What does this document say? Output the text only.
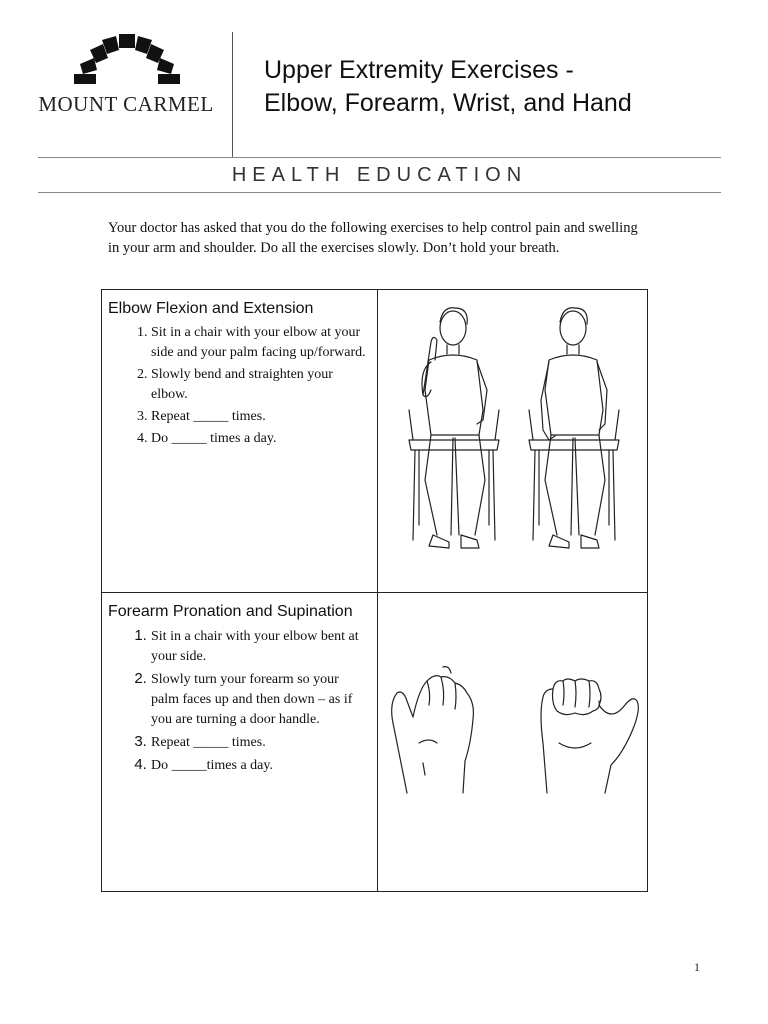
MOUNT CARMEL
Upper Extremity Exercises -
Elbow, Forearm, Wrist, and Hand
HEALTH EDUCATION
Your doctor has asked that you do the following exercises to help control pain and swelling in your arm and shoulder. Do all the exercises slowly. Don’t hold your breath.
Elbow Flexion and Extension
1. Sit in a chair with your elbow at your side and your palm facing up/forward.
2. Slowly bend and straighten your elbow.
3. Repeat _____ times.
4. Do _____ times a day.
Forearm Pronation and Supination
1. Sit in a chair with your elbow bent at your side.
2. Slowly turn your forearm so your palm faces up and then down – as if you are turning a door handle.
3. Repeat _____ times.
4. Do _____times a day.
1
